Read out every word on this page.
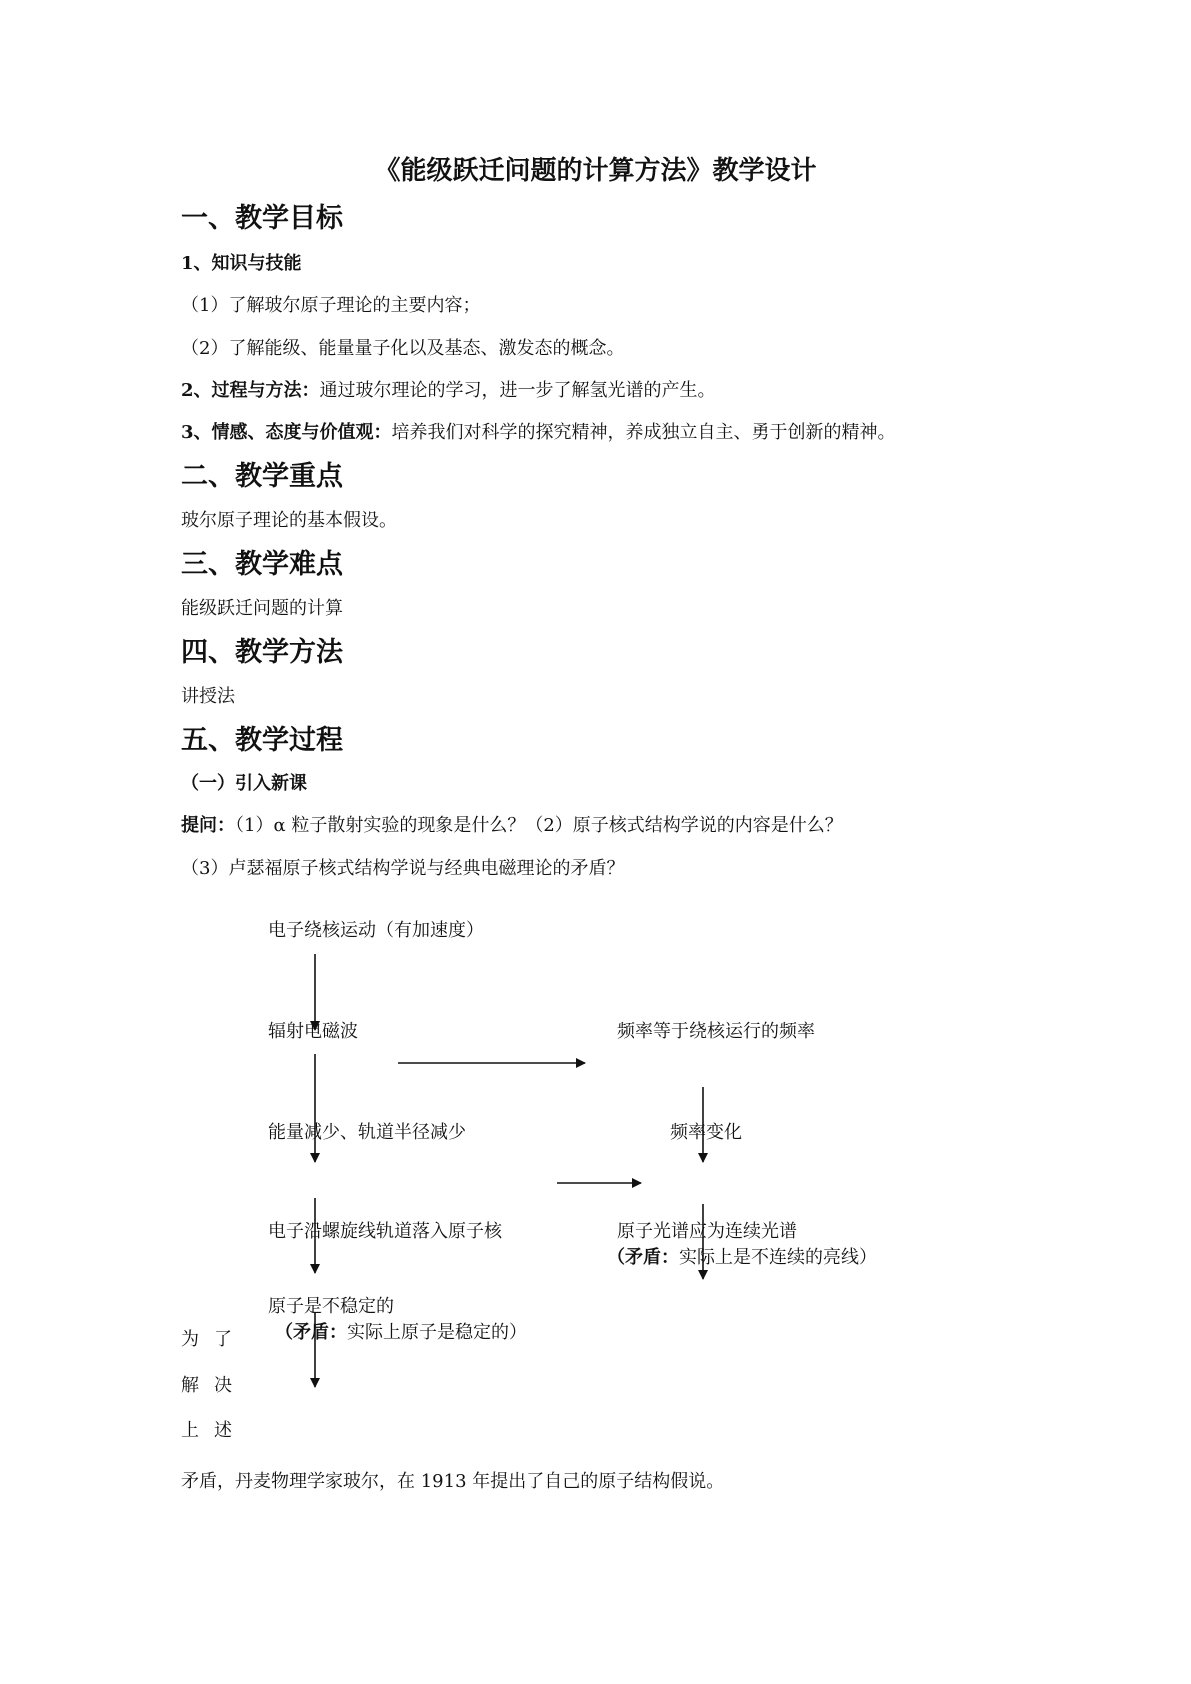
《能级跃迁问题的计算方法》教学设计
一、教学目标
1、知识与技能
（1）了解玻尔原子理论的主要内容；
（2）了解能级、能量量子化以及基态、激发态的概念。
2、过程与方法：通过玻尔理论的学习，进一步了解氢光谱的产生。
3、情感、态度与价值观：培养我们对科学的探究精神，养成独立自主、勇于创新的精神。
二、教学重点
玻尔原子理论的基本假设。
三、教学难点
能级跃迁问题的计算
四、教学方法
讲授法
五、教学过程
（一）引入新课
提问：（1）α 粒子散射实验的现象是什么？（2）原子核式结构学说的内容是什么？
（3）卢瑟福原子核式结构学说与经典电磁理论的矛盾？
电子绕核运动（有加速度）
辐射电磁波	频率等于绕核运行的频率
能量减少、轨道半径减少	频率变化
电子沿螺旋线轨道落入原子核	原子光谱应为连续光谱
（矛盾：实际上是不连续的亮线）
原子是不稳定的
（矛盾：实际上原子是稳定的）
为 了
解 决
上 述
矛盾，丹麦物理学家玻尔，在 1913 年提出了自己的原子结构假说。
